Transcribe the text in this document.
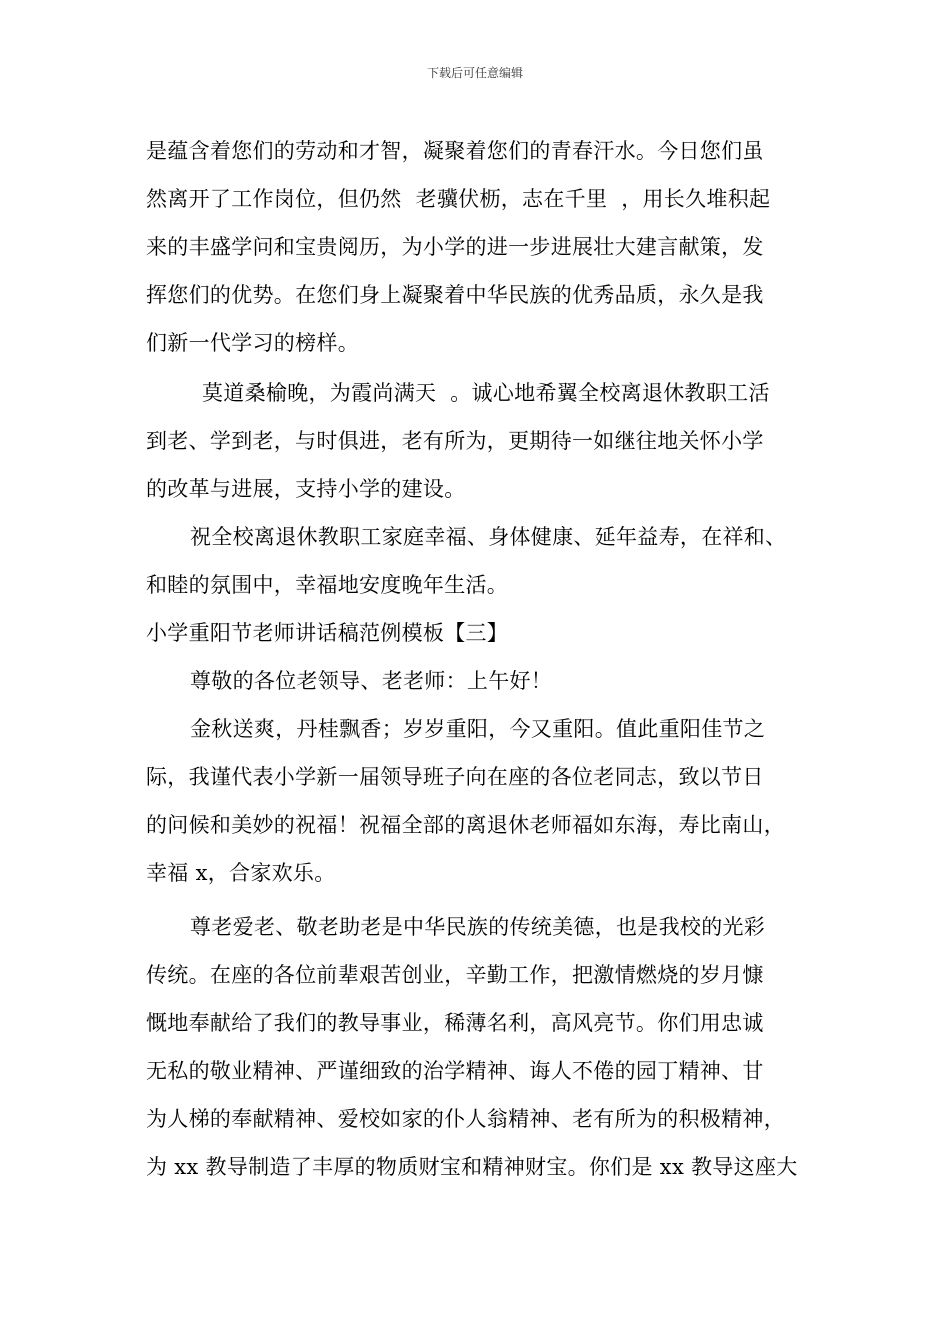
下载后可任意编辑
是蕴含着您们的劳动和才智，凝聚着您们的青春汗水。今日您们虽
然离开了工作岗位，但仍然  老骥伏枥，志在千里  ，用长久堆积起
来的丰盛学问和宝贵阅历，为小学的进一步进展壮大建言献策，发
挥您们的优势。在您们身上凝聚着中华民族的优秀品质，永久是我
们新一代学习的榜样。
莫道桑榆晚，为霞尚满天  。诚心地希翼全校离退休教职工活
到老、学到老，与时俱进，老有所为，更期待一如继往地关怀小学
的改革与进展，支持小学的建设。
祝全校离退休教职工家庭幸福、身体健康、延年益寿，在祥和、
和睦的氛围中，幸福地安度晚年生活。
小学重阳节老师讲话稿范例模板【三】
尊敬的各位老领导、老老师：上午好！
金秋送爽，丹桂飘香；岁岁重阳，今又重阳。值此重阳佳节之
际，我谨代表小学新一届领导班子向在座的各位老同志，致以节日
的问候和美妙的祝福！祝福全部的离退休老师福如东海，寿比南山，
幸福 x，合家欢乐。
尊老爱老、敬老助老是中华民族的传统美德，也是我校的光彩
传统。在座的各位前辈艰苦创业，辛勤工作，把激情燃烧的岁月慷
慨地奉献给了我们的教导事业，稀薄名利，高风亮节。你们用忠诚
无私的敬业精神、严谨细致的治学精神、诲人不倦的园丁精神、甘
为人梯的奉献精神、爱校如家的仆人翁精神、老有所为的积极精神，
为 xx 教导制造了丰厚的物质财宝和精神财宝。你们是 xx 教导这座大
